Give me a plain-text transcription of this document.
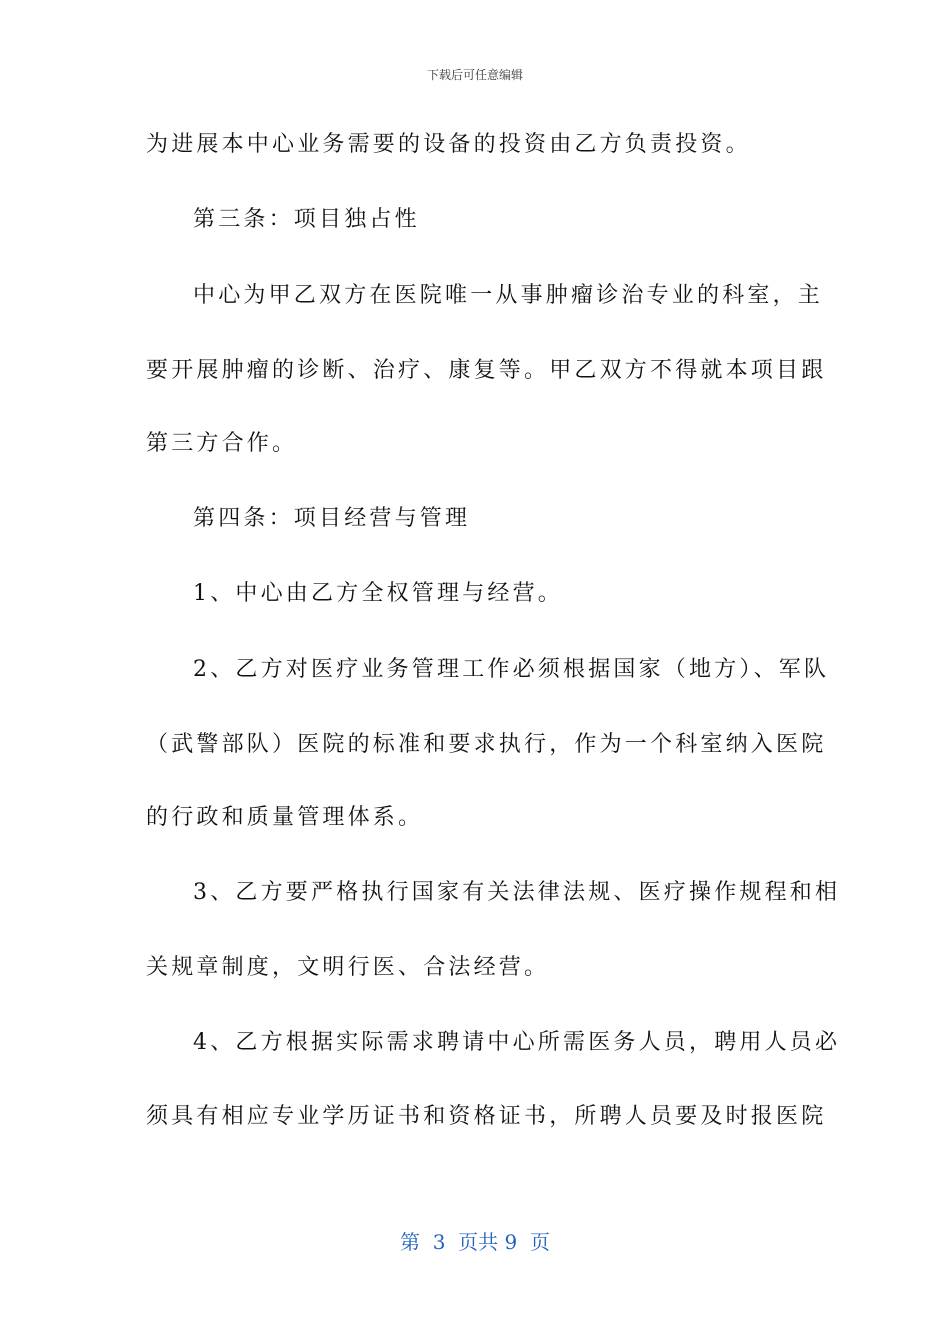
下载后可任意编辑
为进展本中心业务需要的设备的投资由乙方负责投资。
第三条：项目独占性
中心为甲乙双方在医院唯一从事肿瘤诊治专业的科室，主
要开展肿瘤的诊断、治疗、康复等。甲乙双方不得就本项目跟
第三方合作。
第四条：项目经营与管理
1、中心由乙方全权管理与经营。
2、乙方对医疗业务管理工作必须根据国家（地方）、军队
（武警部队）医院的标准和要求执行，作为一个科室纳入医院
的行政和质量管理体系。
3、乙方要严格执行国家有关法律法规、医疗操作规程和相
关规章制度，文明行医、合法经营。
4、乙方根据实际需求聘请中心所需医务人员，聘用人员必
须具有相应专业学历证书和资格证书，所聘人员要及时报医院
第  3  页共 9  页
